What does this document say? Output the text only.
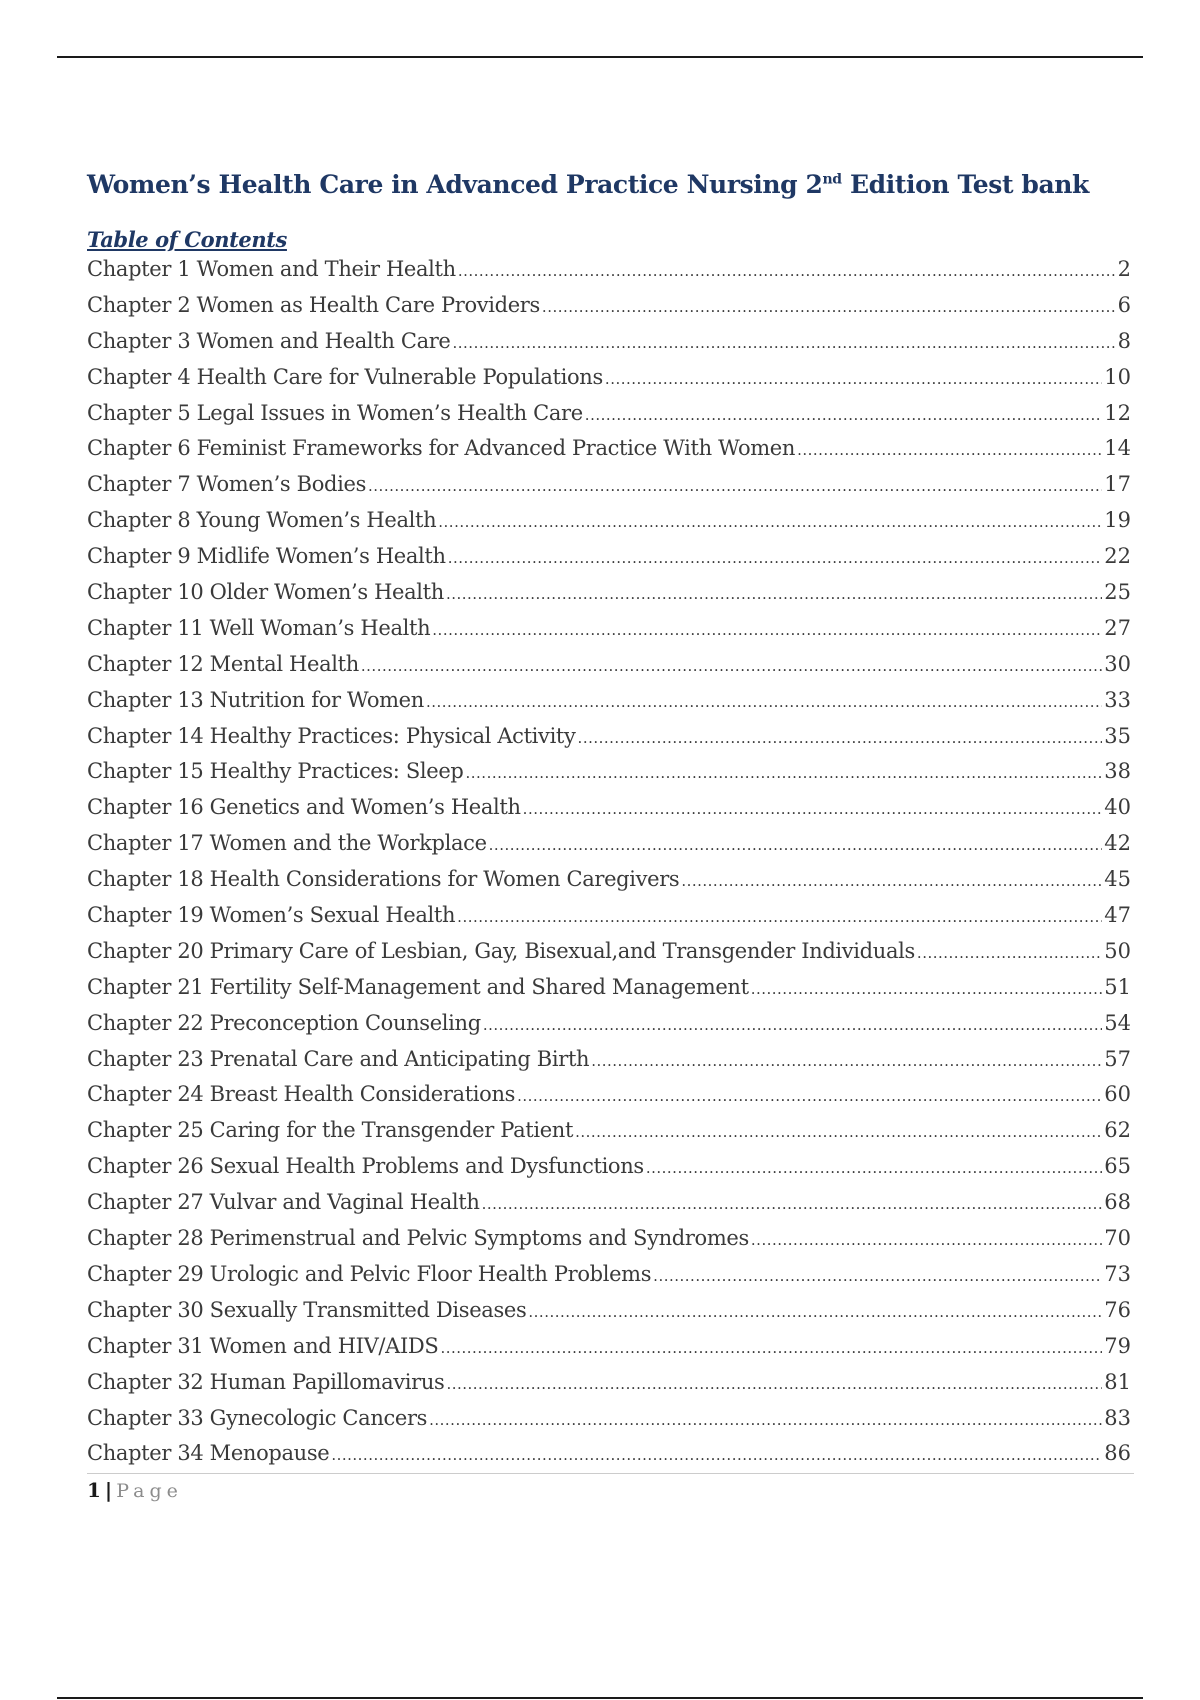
Women’s Health Care in Advanced Practice Nursing 2nd Edition Test bank
Table of Contents
Chapter 1 Women and Their Health .....	2
Chapter 2 Women as Health Care Providers .....	6
Chapter 3 Women and Health Care .....	8
Chapter 4 Health Care for Vulnerable Populations .....	10
Chapter 5 Legal Issues in Women’s Health Care .....	12
Chapter 6 Feminist Frameworks for Advanced Practice With Women .....	14
Chapter 7 Women’s Bodies .....	17
Chapter 8 Young Women’s Health .....	19
Chapter 9 Midlife Women’s Health .....	22
Chapter 10 Older Women’s Health .....	25
Chapter 11 Well Woman’s Health .....	27
Chapter 12 Mental Health .....	30
Chapter 13 Nutrition for Women .....	33
Chapter 14 Healthy Practices: Physical Activity .....	35
Chapter 15 Healthy Practices: Sleep .....	38
Chapter 16 Genetics and Women’s Health .....	40
Chapter 17 Women and the Workplace .....	42
Chapter 18 Health Considerations for Women Caregivers .....	45
Chapter 19 Women’s Sexual Health .....	47
Chapter 20 Primary Care of Lesbian, Gay, Bisexual,and Transgender Individuals .....	50
Chapter 21 Fertility Self-Management and Shared Management .....	51
Chapter 22 Preconception Counseling .....	54
Chapter 23 Prenatal Care and Anticipating Birth .....	57
Chapter 24 Breast Health Considerations .....	60
Chapter 25 Caring for the Transgender Patient .....	62
Chapter 26 Sexual Health Problems and Dysfunctions .....	65
Chapter 27 Vulvar and Vaginal Health .....	68
Chapter 28 Perimenstrual and Pelvic Symptoms and Syndromes .....	70
Chapter 29 Urologic and Pelvic Floor Health Problems .....	73
Chapter 30 Sexually Transmitted Diseases .....	76
Chapter 31 Women and HIV/AIDS .....	79
Chapter 32 Human Papillomavirus .....	81
Chapter 33 Gynecologic Cancers .....	83
Chapter 34 Menopause .....	86
1 | Page
